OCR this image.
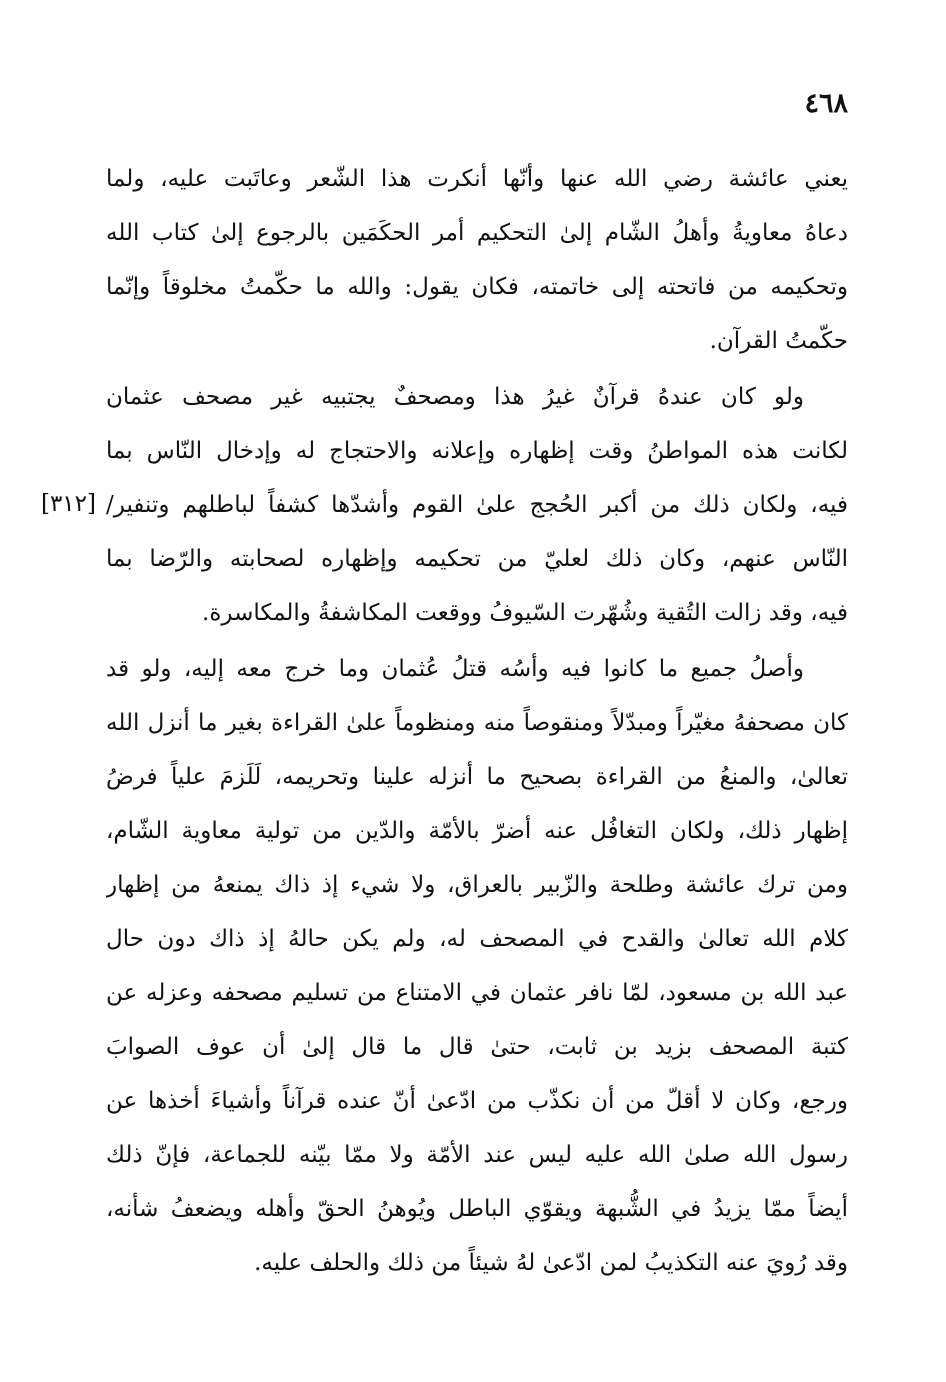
٤٦٨
[٣١٢]
يعني عائشة رضي الله عنها وأنّها أنكرت هذا الشّعر وعاتَبت عليه، ولما
دعاهُ معاويةُ وأهلُ الشّام إلىٰ التحكيم أمر الحكَمَين بالرجوع إلىٰ كتاب الله
وتحكيمه من فاتحته إلى خاتمته، فكان يقول: والله ما حكّمتُ مخلوقاً وإنّما
حكّمتُ القرآن.
ولو كان عندهُ قرآنٌ غيرُ هذا ومصحفٌ يجتبيه غير مصحف عثمان
لكانت هذه المواطنُ وقت إظهاره وإعلانه والاحتجاج له وإدخال النّاس بما
فيه، ولكان ذلك من أكبر الحُجج علىٰ القوم وأشدّها كشفاً لباطلهم وتنفير/
النّاس عنهم، وكان ذلك لعليّ من تحكيمه وإظهاره لصحابته والرّضا بما
فيه، وقد زالت التُقية وشُهّرت السّيوفُ ووقعت المكاشفةُ والمكاسرة.
وأصلُ جميع ما كانوا فيه وأسُه قتلُ عُثمان وما خرج معه إليه، ولو قد
كان مصحفهُ مغيّراً ومبدّلاً ومنقوصاً منه ومنظوماً علىٰ القراءة بغير ما أنزل الله
تعالىٰ، والمنعُ من القراءة بصحيح ما أنزله علينا وتحريمه، لَلَزمَ علياً فرضُ
إظهار ذلك، ولكان التغافُل عنه أضرّ بالأمّة والدّين من تولية معاوية الشّام،
ومن ترك عائشة وطلحة والزّبير بالعراق، ولا شيء إذ ذاك يمنعهُ من إظهار
كلام الله تعالىٰ والقدح في المصحف له، ولم يكن حالهُ إذ ذاك دون حال
عبد الله بن مسعود، لمّا نافر عثمان في الامتناع من تسليم مصحفه وعزله عن
كتبة المصحف بزيد بن ثابت، حتىٰ قال ما قال إلىٰ أن عوف الصوابَ
ورجع، وكان لا أقلّ من أن نكذّب من ادّعىٰ أنّ عنده قرآناً وأشياءَ أخذها عن
رسول الله صلىٰ الله عليه ليس عند الأمّة ولا ممّا بيّنه للجماعة، فإنّ ذلك
أيضاً ممّا يزيدُ في الشُّبهة ويقوّي الباطل ويُوهنُ الحقّ وأهله ويضعفُ شأنه،
وقد رُويَ عنه التكذيبُ لمن ادّعىٰ لهُ شيئاً من ذلك والحلف عليه.
